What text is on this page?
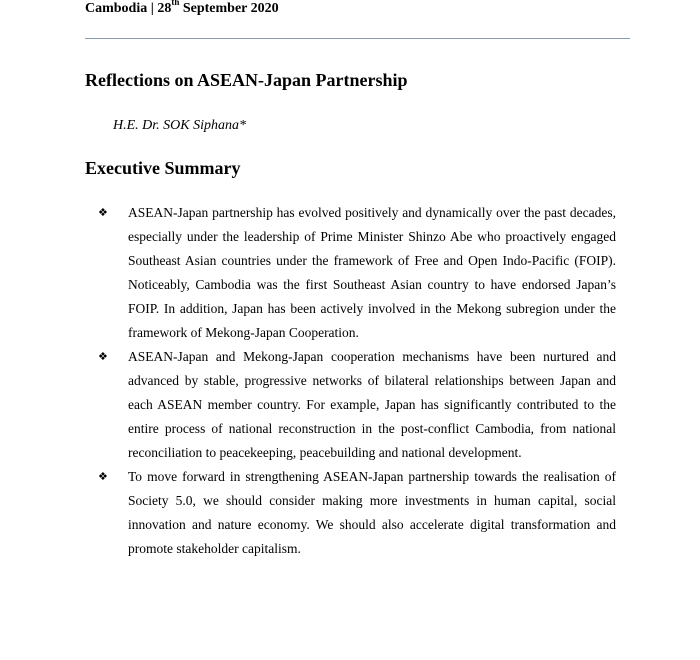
Cambodia | 28th September 2020
Reflections on ASEAN-Japan Partnership
H.E. Dr. SOK Siphana*
Executive Summary
❖	ASEAN-Japan partnership has evolved positively and dynamically over the past decades, especially under the leadership of Prime Minister Shinzo Abe who proactively engaged Southeast Asian countries under the framework of Free and Open Indo-Pacific (FOIP). Noticeably, Cambodia was the first Southeast Asian country to have endorsed Japan’s FOIP. In addition, Japan has been actively involved in the Mekong subregion under the framework of Mekong-Japan Cooperation.
❖	ASEAN-Japan and Mekong-Japan cooperation mechanisms have been nurtured and advanced by stable, progressive networks of bilateral relationships between Japan and each ASEAN member country. For example, Japan has significantly contributed to the entire process of national reconstruction in the post-conflict Cambodia, from national reconciliation to peacekeeping, peacebuilding and national development.
❖	To move forward in strengthening ASEAN-Japan partnership towards the realisation of Society 5.0, we should consider making more investments in human capital, social innovation and nature economy. We should also accelerate digital transformation and promote stakeholder capitalism.
